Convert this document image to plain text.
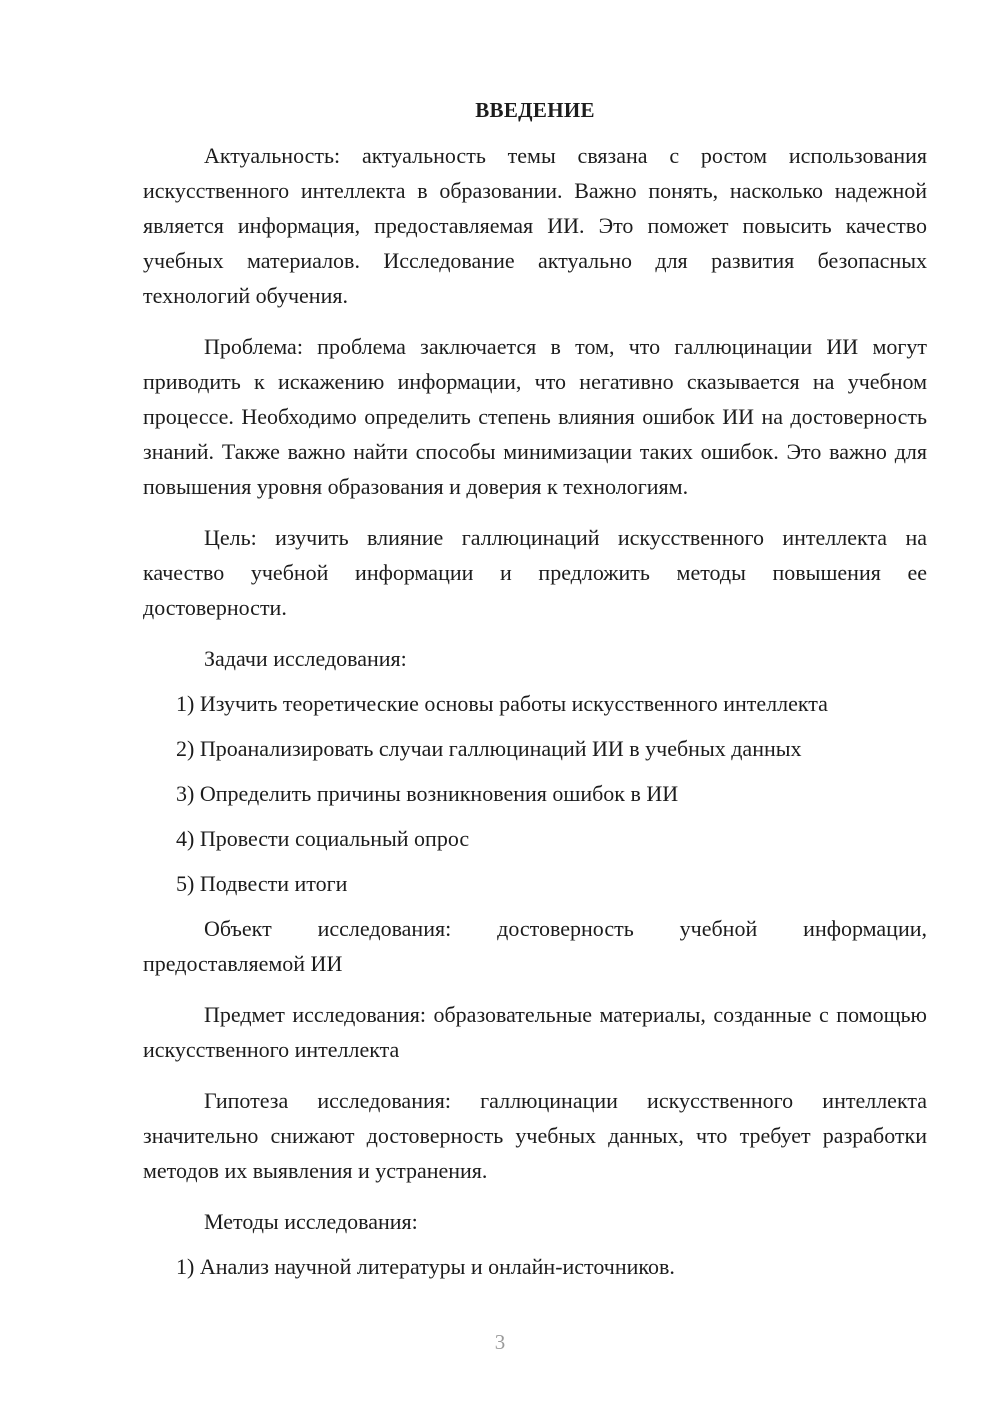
ВВЕДЕНИЕ

Актуальность: актуальность темы связана с ростом использования искусственного интеллекта в образовании. Важно понять, насколько надежной является информация, предоставляемая ИИ. Это поможет повысить качество учебных материалов. Исследование актуально для развития безопасных технологий обучения.

Проблема: проблема заключается в том, что галлюцинации ИИ могут приводить к искажению информации, что негативно сказывается на учебном процессе. Необходимо определить степень влияния ошибок ИИ на достоверность знаний. Также важно найти способы минимизации таких ошибок. Это важно для повышения уровня образования и доверия к технологиям.

Цель: изучить влияние галлюцинаций искусственного интеллекта на качество учебной информации и предложить методы повышения ее достоверности.

Задачи исследования:

1) Изучить теоретические основы работы искусственного интеллекта

2) Проанализировать случаи галлюцинаций ИИ в учебных данных

3) Определить причины возникновения ошибок в ИИ

4) Провести социальный опрос

5) Подвести итоги

Объект исследования: достоверность учебной информации, предоставляемой ИИ

Предмет исследования: образовательные материалы, созданные с помощью искусственного интеллекта

Гипотеза исследования: галлюцинации искусственного интеллекта значительно снижают достоверность учебных данных, что требует разработки методов их выявления и устранения.

Методы исследования:

1) Анализ научной литературы и онлайн-источников.

3
